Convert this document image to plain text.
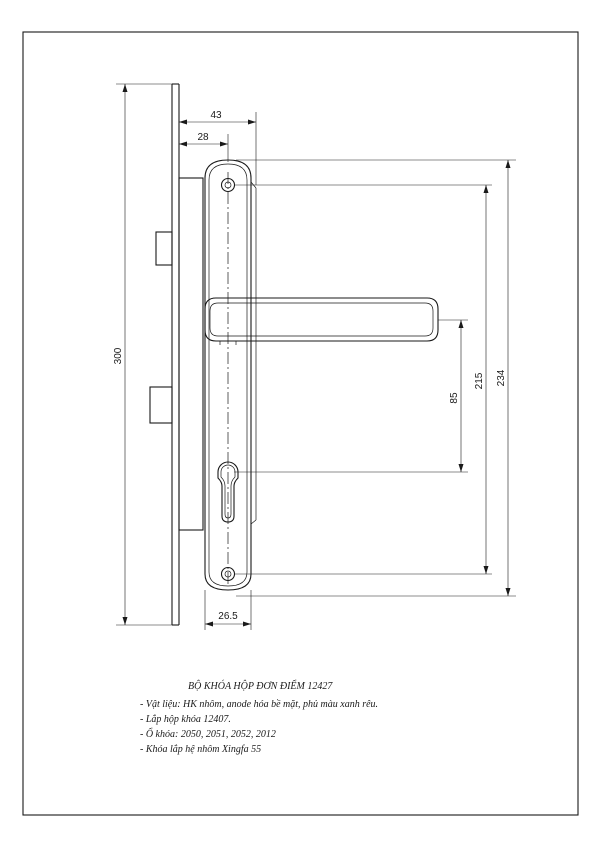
300
43
28
234
215
85
26.5
BỘ KHÓA HỘP ĐƠN ĐIỂM 12427
- Vật liệu: HK nhôm, anode hóa bề mặt, phủ màu xanh rêu.
- Lắp hộp khóa 12407.
- Ổ khóa: 2050, 2051, 2052, 2012
- Khóa lắp hệ nhôm Xingfa 55
